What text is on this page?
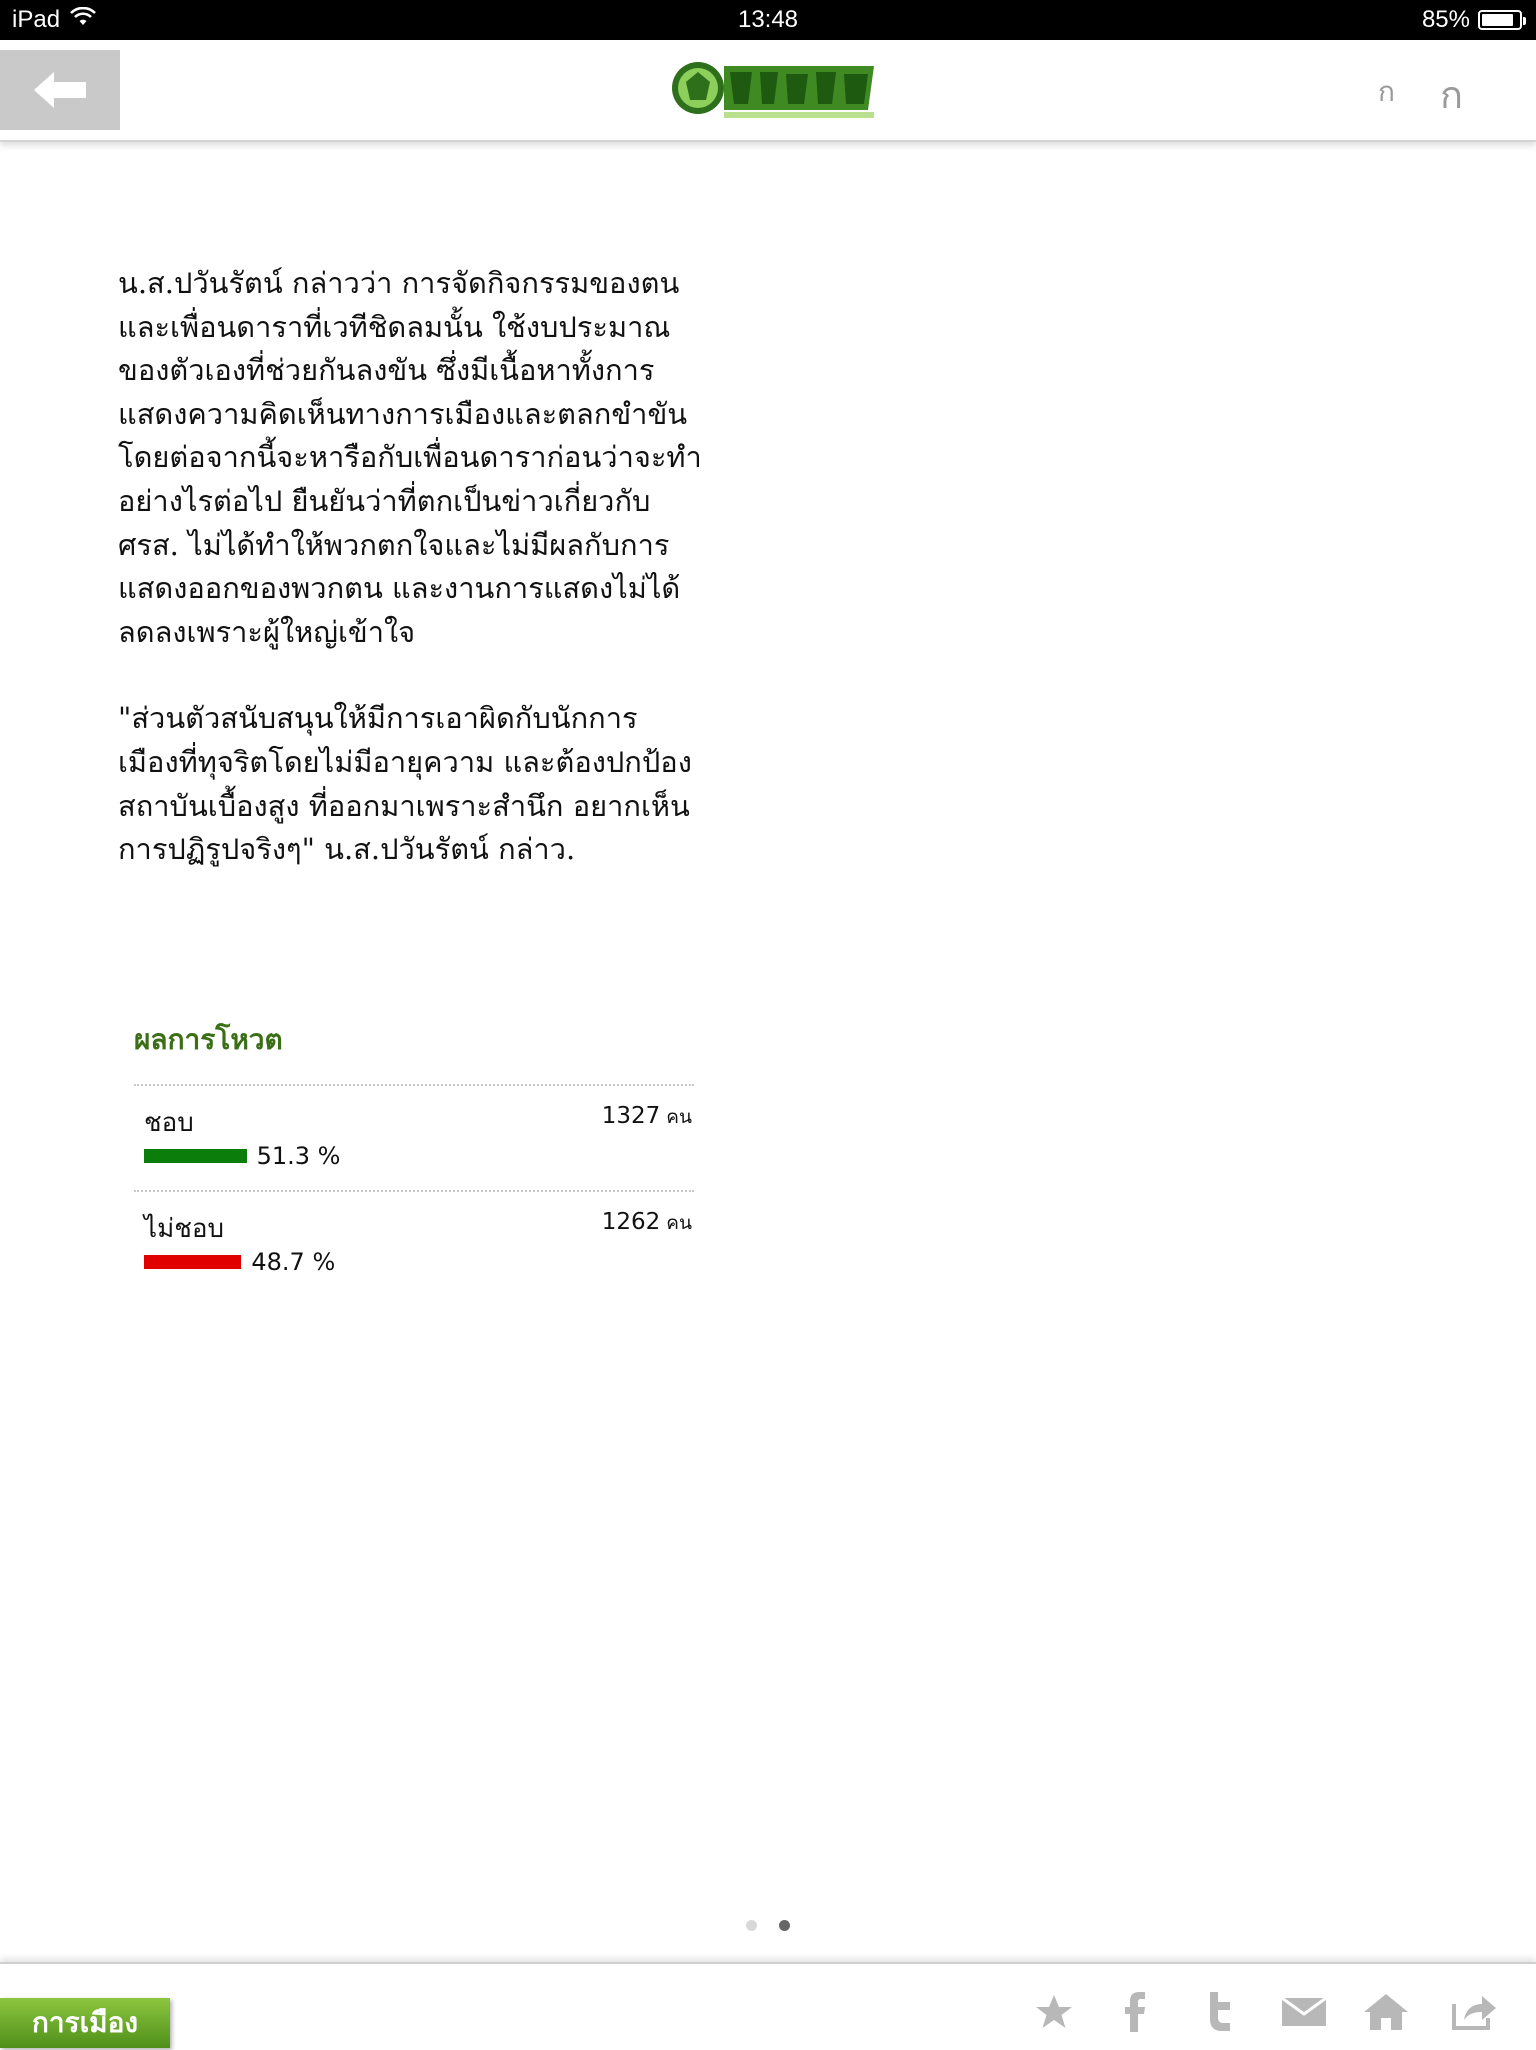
iPad	13:48	85%
ก ก

น.ส.ปวันรัตน์ กล่าวว่า การจัดกิจกรรมของตน
และเพื่อนดาราที่เวทีชิดลมนั้น ใช้งบประมาณ
ของตัวเองที่ช่วยกันลงขัน ซึ่งมีเนื้อหาทั้งการ
แสดงความคิดเห็นทางการเมืองและตลกขำขัน
โดยต่อจากนี้จะหารือกับเพื่อนดาราก่อนว่าจะทำ
อย่างไรต่อไป ยืนยันว่าที่ตกเป็นข่าวเกี่ยวกับ
ศรส. ไม่ได้ทำให้พวกตกใจและไม่มีผลกับการ
แสดงออกของพวกตน และงานการแสดงไม่ได้
ลดลงเพราะผู้ใหญ่เข้าใจ

"ส่วนตัวสนับสนุนให้มีการเอาผิดกับนักการ
เมืองที่ทุจริตโดยไม่มีอายุความ และต้องปกป้อง
สถาบันเบื้องสูง ที่ออกมาเพราะสำนึก อยากเห็น
การปฏิรูปจริงๆ" น.ส.ปวันรัตน์ กล่าว.

ผลการโหวต
ชอบ	1327 คน
51.3 %
ไม่ชอบ	1262 คน
48.7 %
การเมือง
